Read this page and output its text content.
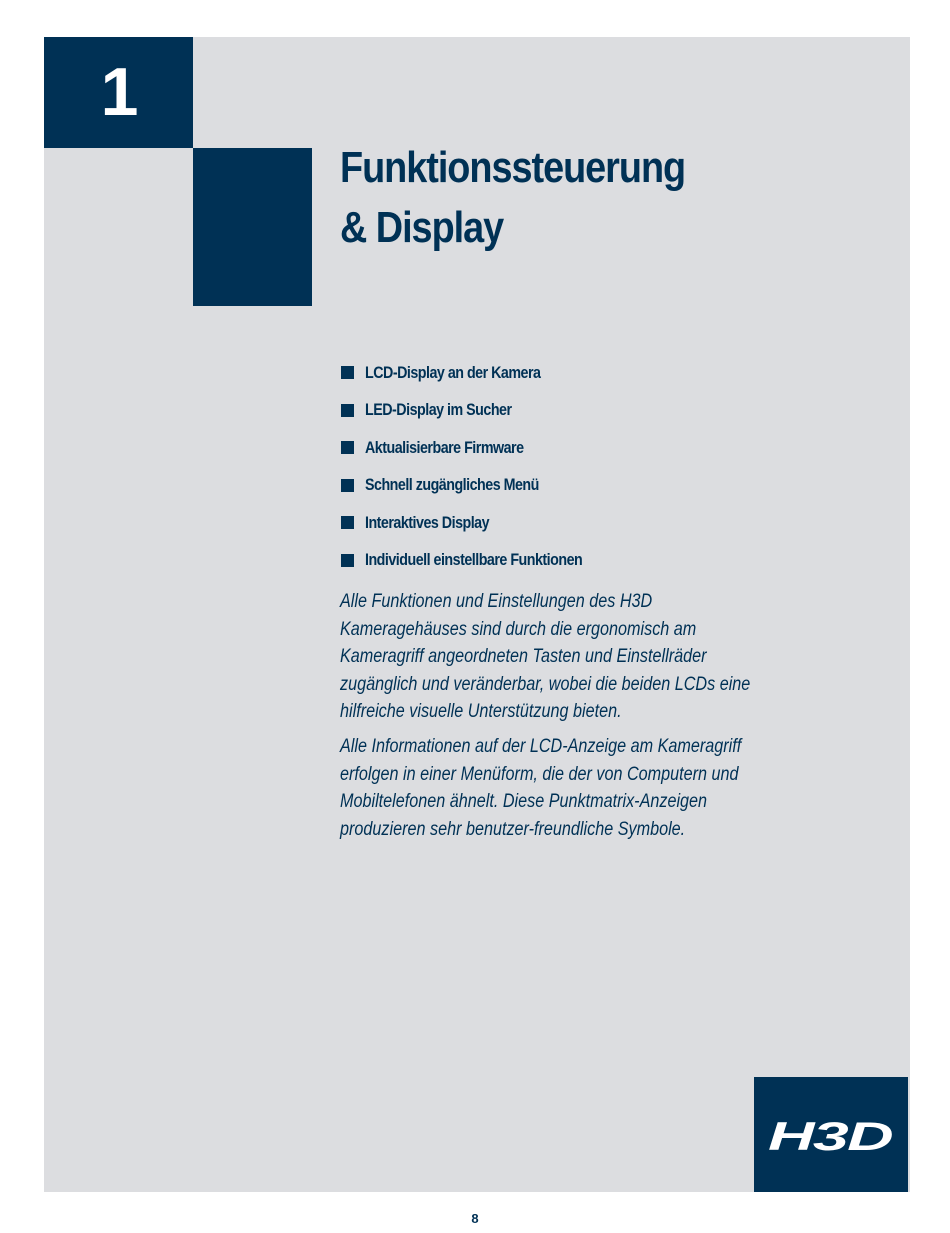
1
Funktionssteuerung & Display
LCD-Display an der Kamera
LED-Display im Sucher
Aktualisierbare Firmware
Schnell zugängliches Menü
Interaktives Display
Individuell einstellbare Funktionen

Alle Funktionen und Einstellungen des H3D Kameragehäuses sind durch die ergonomisch am Kameragriff angeordneten Tasten und Einstellräder zugänglich und veränderbar, wobei die beiden LCDs eine hilfreiche visuelle Unterstützung bieten.

Alle Informationen auf der LCD-Anzeige am Kameragriff erfolgen in einer Menüform, die der von Computern und Mobiltelefonen ähnelt. Diese Punktmatrix-Anzeigen produzieren sehr benutzer-freundliche Symbole.

H3D
8
